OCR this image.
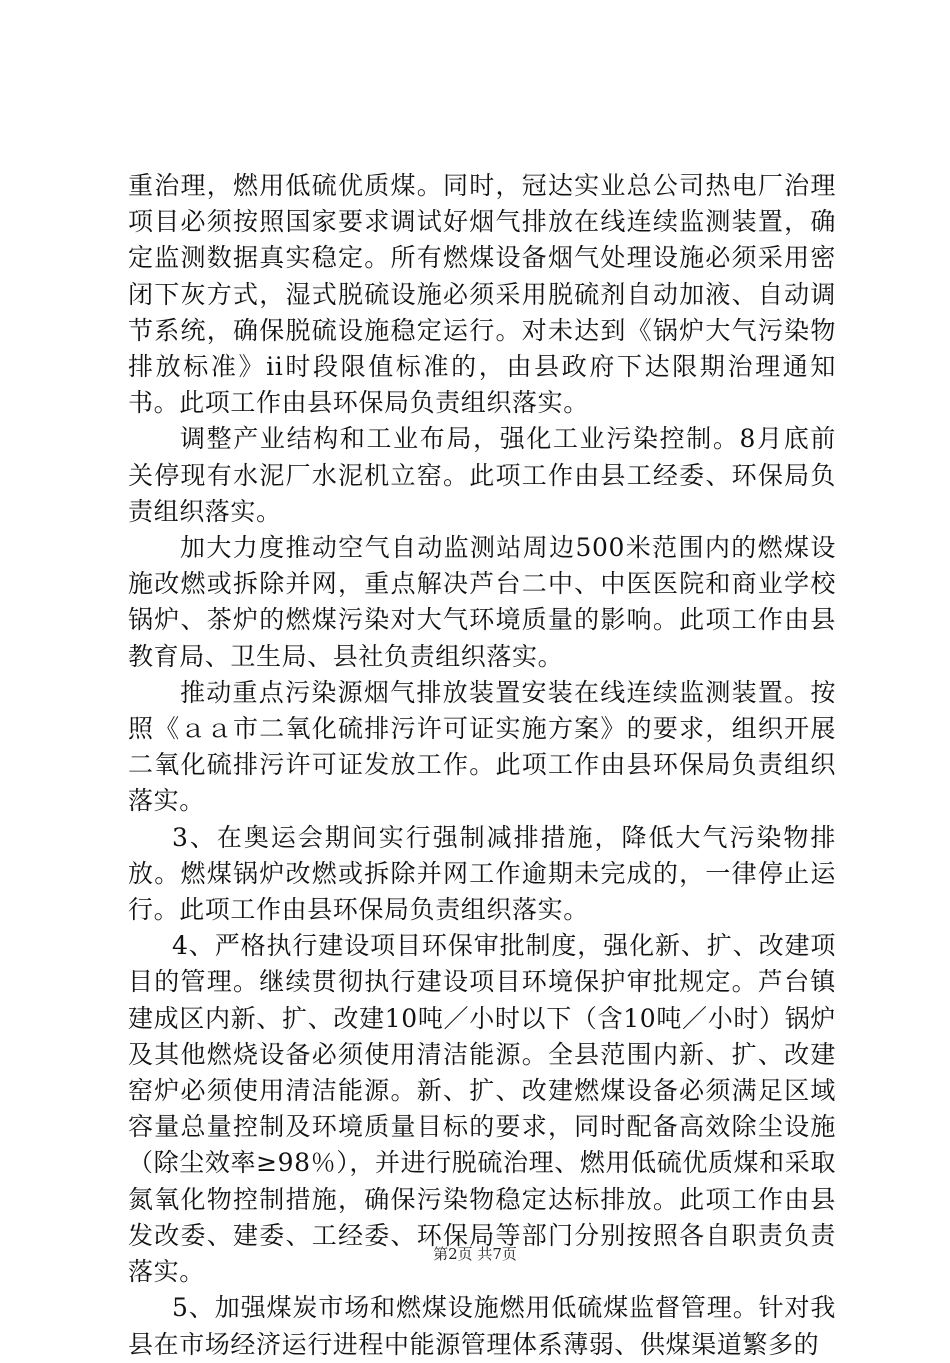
重治理，燃用低硫优质煤。同时，冠达实业总公司热电厂治理项目必须按照国家要求调试好烟气排放在线连续监测装置，确定监测数据真实稳定。所有燃煤设备烟气处理设施必须采用密闭下灰方式，湿式脱硫设施必须采用脱硫剂自动加液、自动调节系统，确保脱硫设施稳定运行。对未达到《锅炉大气污染物排放标准》ii时段限值标准的，由县政府下达限期治理通知书。此项工作由县环保局负责组织落实。

调整产业结构和工业布局，强化工业污染控制。8月底前关停现有水泥厂水泥机立窑。此项工作由县工经委、环保局负责组织落实。

加大力度推动空气自动监测站周边500米范围内的燃煤设施改燃或拆除并网，重点解决芦台二中、中医医院和商业学校锅炉、茶炉的燃煤污染对大气环境质量的影响。此项工作由县教育局、卫生局、县社负责组织落实。

推动重点污染源烟气排放装置安装在线连续监测装置。按照《ａａ市二氧化硫排污许可证实施方案》的要求，组织开展二氧化硫排污许可证发放工作。此项工作由县环保局负责组织落实。

3、在奥运会期间实行强制减排措施，降低大气污染物排放。燃煤锅炉改燃或拆除并网工作逾期未完成的，一律停止运行。此项工作由县环保局负责组织落实。

4、严格执行建设项目环保审批制度，强化新、扩、改建项目的管理。继续贯彻执行建设项目环境保护审批规定。芦台镇建成区内新、扩、改建10吨／小时以下（含10吨／小时）锅炉及其他燃烧设备必须使用清洁能源。全县范围内新、扩、改建窑炉必须使用清洁能源。新、扩、改建燃煤设备必须满足区域容量总量控制及环境质量目标的要求，同时配备高效除尘设施（除尘效率≥98％），并进行脱硫治理、燃用低硫优质煤和采取氮氧化物控制措施，确保污染物稳定达标排放。此项工作由县发改委、建委、工经委、环保局等部门分别按照各自职责负责落实。

5、加强煤炭市场和燃煤设施燃用低硫煤监督管理。针对我县在市场经济运行进程中能源管理体系薄弱、供煤渠道繁多的

第2页 共7页
